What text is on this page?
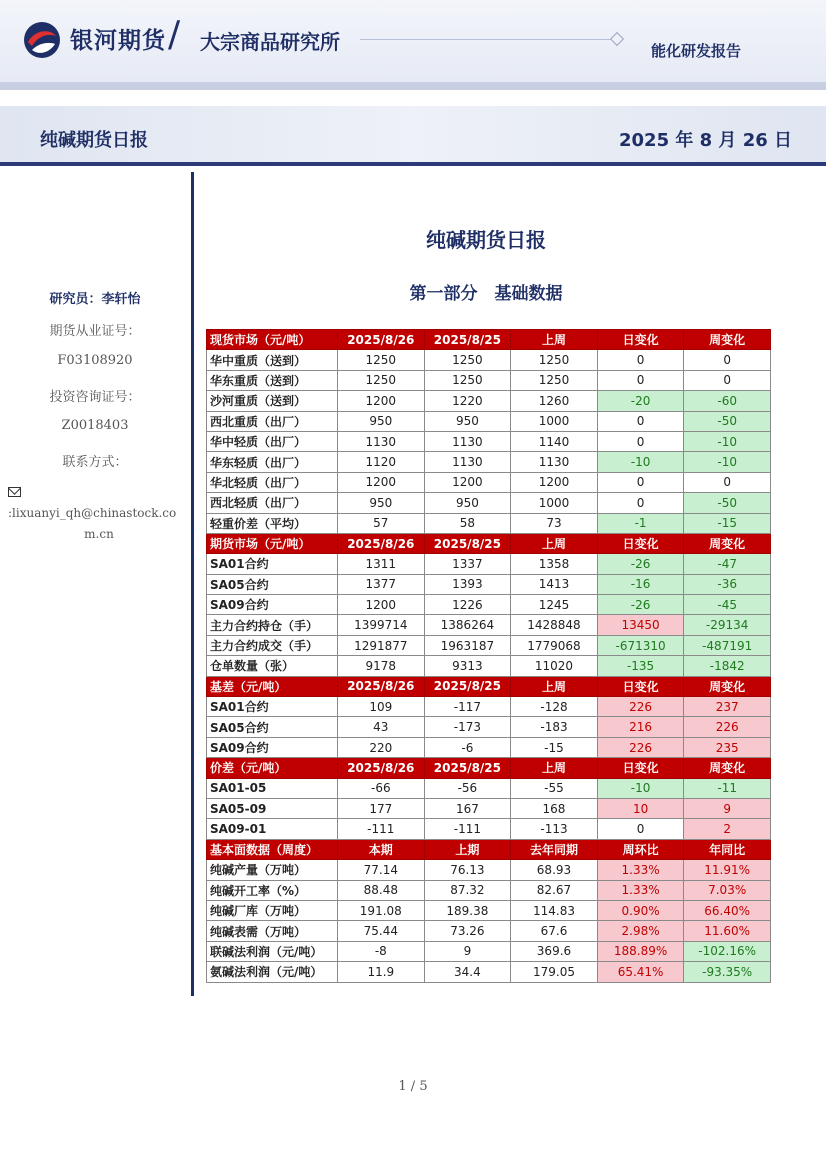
银河期货 / 大宗商品研究所	能化研发报告
纯碱期货日报	2025 年 8 月 26 日
研究员：李轩怡
期货从业证号：
F03108920
投资咨询证号：
Z0018403
联系方式：
:lixuanyi_qh@chinastock.co

m.cn
纯碱期货日报
第一部分　基础数据
现货市场（元/吨）	2025/8/26	2025/8/25	上周	日变化	周变化
华中重质（送到）	1250	1250	1250	0	0
华东重质（送到）	1250	1250	1250	0	0
沙河重质（送到）	1200	1220	1260	-20	-60
西北重质（出厂）	950	950	1000	0	-50
华中轻质（出厂）	1130	1130	1140	0	-10
华东轻质（出厂）	1120	1130	1130	-10	-10
华北轻质（出厂）	1200	1200	1200	0	0
西北轻质（出厂）	950	950	1000	0	-50
轻重价差（平均）	57	58	73	-1	-15
期货市场（元/吨）	2025/8/26	2025/8/25	上周	日变化	周变化
SA01合约	1311	1337	1358	-26	-47
SA05合约	1377	1393	1413	-16	-36
SA09合约	1200	1226	1245	-26	-45
主力合约持仓（手）	1399714	1386264	1428848	13450	-29134
主力合约成交（手）	1291877	1963187	1779068	-671310	-487191
仓单数量（张）	9178	9313	11020	-135	-1842
基差（元/吨）	2025/8/26	2025/8/25	上周	日变化	周变化
SA01合约	109	-117	-128	226	237
SA05合约	43	-173	-183	216	226
SA09合约	220	-6	-15	226	235
价差（元/吨）	2025/8/26	2025/8/25	上周	日变化	周变化
SA01-05	-66	-56	-55	-10	-11
SA05-09	177	167	168	10	9
SA09-01	-111	-111	-113	0	2
基本面数据（周度）	本期	上期	去年同期	周环比	年同比
纯碱产量（万吨）	77.14	76.13	68.93	1.33%	11.91%
纯碱开工率（%）	88.48	87.32	82.67	1.33%	7.03%
纯碱厂库（万吨）	191.08	189.38	114.83	0.90%	66.40%
纯碱表需（万吨）	75.44	73.26	67.6	2.98%	11.60%
联碱法利润（元/吨）	-8	9	369.6	188.89%	-102.16%
氨碱法利润（元/吨）	11.9	34.4	179.05	65.41%	-93.35%
1 / 5
